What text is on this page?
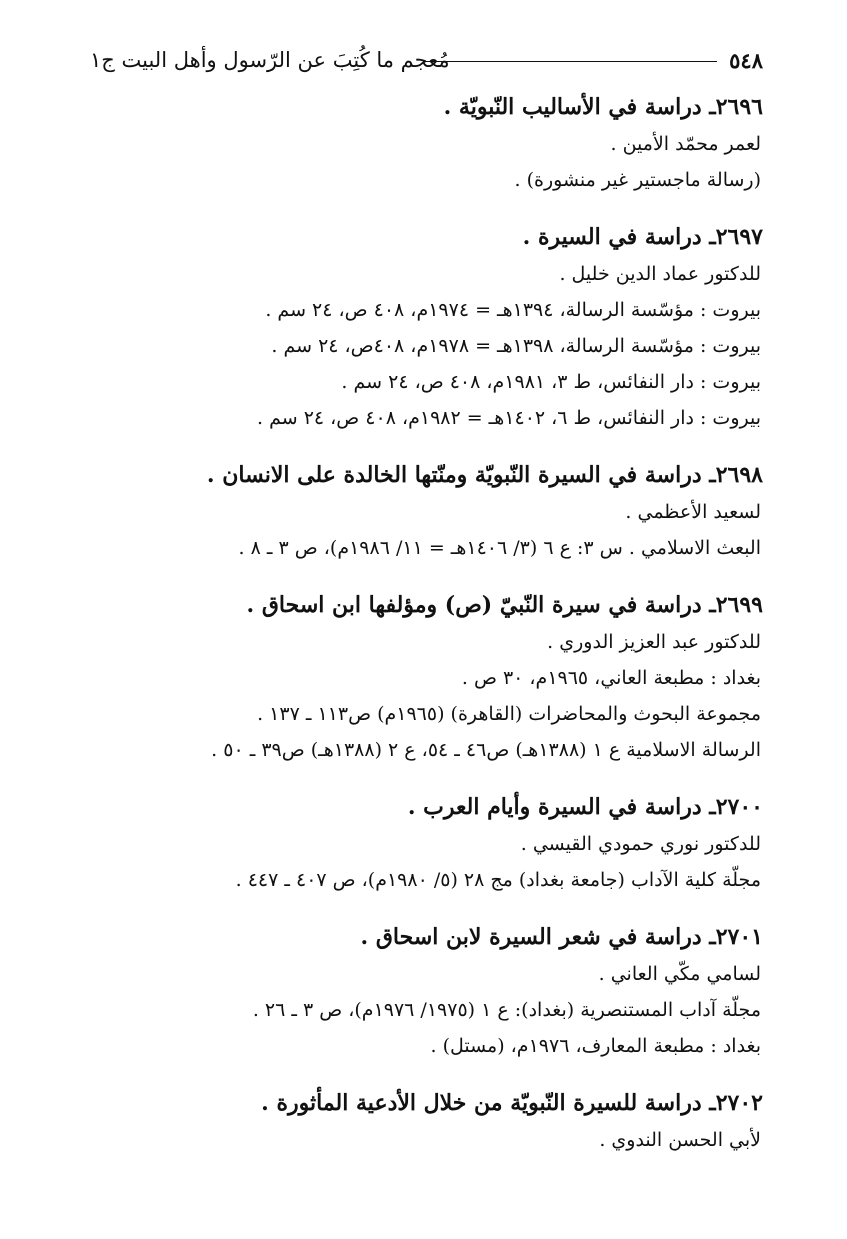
٥٤٨
مُعجم ما كُتِبَ عن الرّسول وأهل البيت ج١
٢٦٩٦ـ دراسة في الأساليب النّبويّة .
لعمر محمّد الأمين .
(رسالة ماجستير غير منشورة) .
٢٦٩٧ـ دراسة في السيرة .
للدكتور عماد الدين خليل .
بيروت : مؤسّسة الرسالة، ١٣٩٤هـ = ١٩٧٤م، ٤٠٨ ص، ٢٤ سم .
بيروت : مؤسّسة الرسالة، ١٣٩٨هـ = ١٩٧٨م، ٤٠٨ص، ٢٤ سم .
بيروت : دار النفائس، ط ٣، ١٩٨١م، ٤٠٨ ص، ٢٤ سم .
بيروت : دار النفائس، ط ٦، ١٤٠٢هـ = ١٩٨٢م، ٤٠٨ ص، ٢٤ سم .
٢٦٩٨ـ دراسة في السيرة النّبويّة ومنّتها الخالدة على الانسان .
لسعيد الأعظمي .
البعث الاسلامي . س ٣: ع ٦ (٣/ ١٤٠٦هـ = ١١/ ١٩٨٦م)، ص ٣ ـ ٨ .
٢٦٩٩ـ دراسة في سيرة النّبيّ (ص) ومؤلفها ابن اسحاق .
للدكتور عبد العزيز الدوري .
بغداد : مطبعة العاني، ١٩٦٥م، ٣٠ ص .
مجموعة البحوث والمحاضرات (القاهرة) (١٩٦٥م) ص١١٣ ـ ١٣٧ .
الرسالة الاسلامية ع ١ (١٣٨٨هـ) ص٤٦ ـ ٥٤، ع ٢ (١٣٨٨هـ) ص٣٩ ـ ٥٠ .
٢٧٠٠ـ دراسة في السيرة وأيام العرب .
للدكتور نوري حمودي القيسي .
مجلّة كلية الآداب (جامعة بغداد) مج ٢٨ (٥/ ١٩٨٠م)، ص ٤٠٧ ـ ٤٤٧ .
٢٧٠١ـ دراسة في شعر السيرة لابن اسحاق .
لسامي مكّي العاني .
مجلّة آداب المستنصرية (بغداد): ع ١ (١٩٧٥/ ١٩٧٦م)، ص ٣ ـ ٢٦ .
بغداد : مطبعة المعارف، ١٩٧٦م، (مستل) .
٢٧٠٢ـ دراسة للسيرة النّبويّة من خلال الأدعية المأثورة .
لأبي الحسن الندوي .
